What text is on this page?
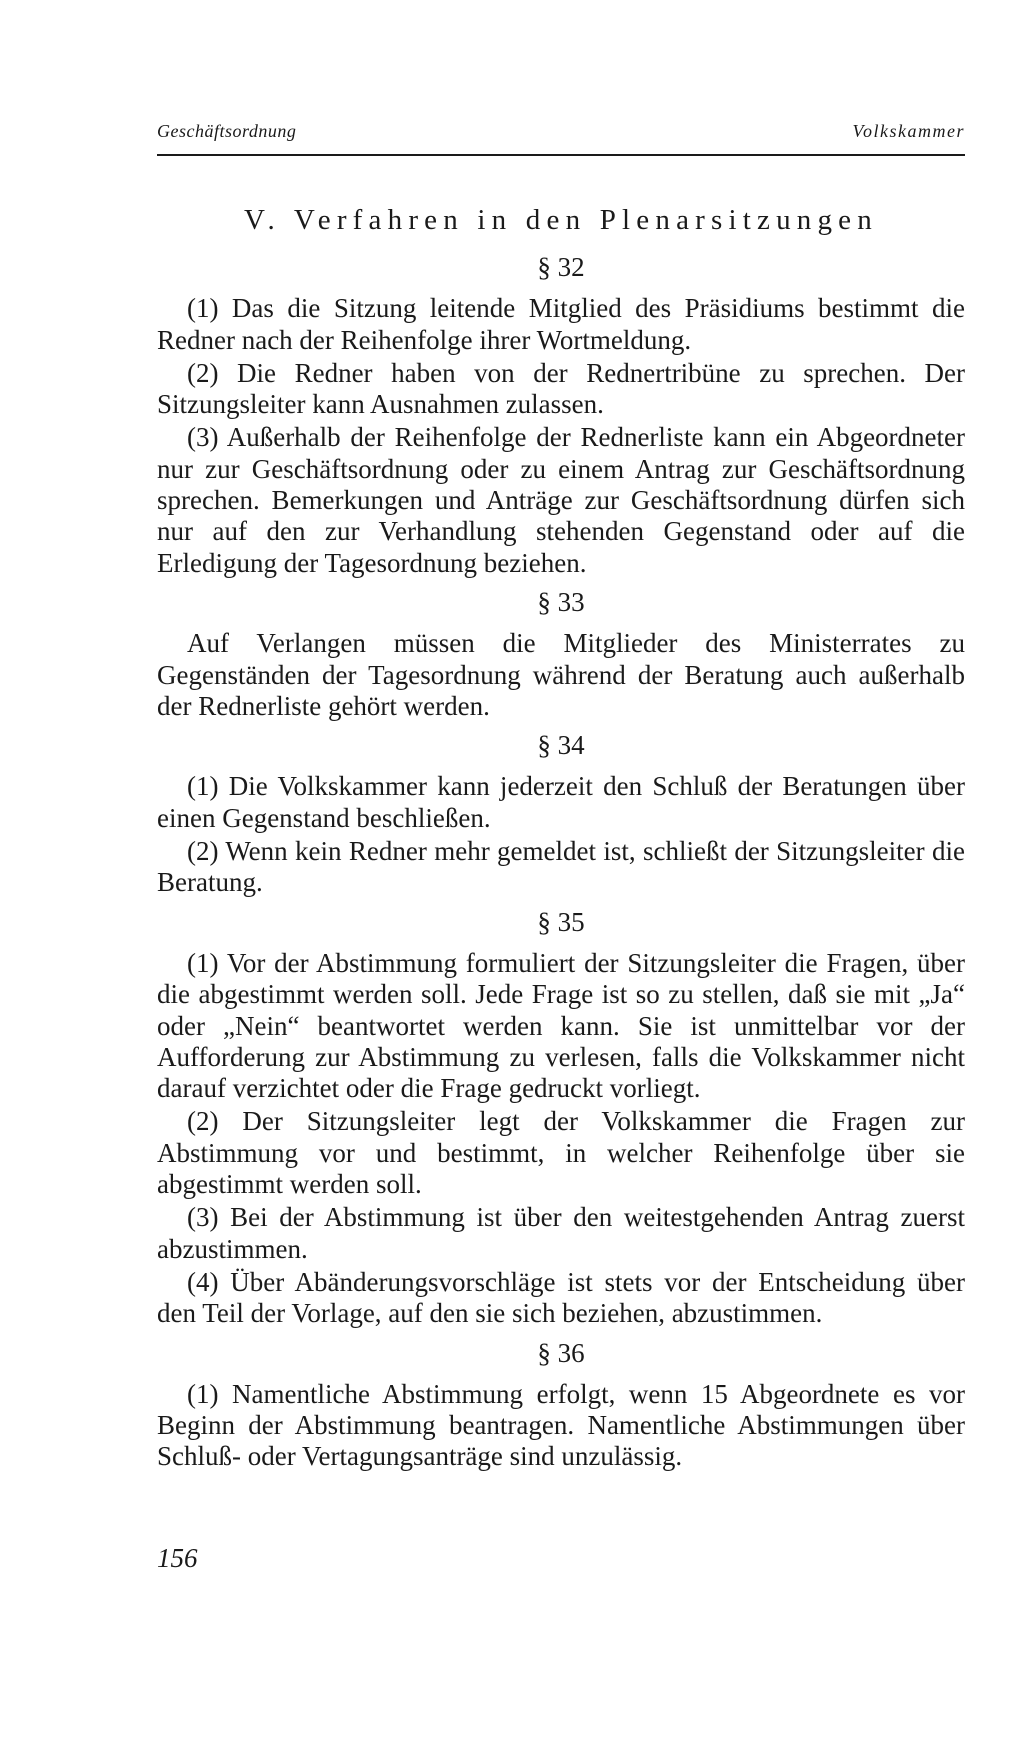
Geschäftsordnung	Volkskammer
V. Verfahren in den Plenarsitzungen
§ 32

(1) Das die Sitzung leitende Mitglied des Präsidiums bestimmt die Redner nach der Reihenfolge ihrer Wortmeldung.

(2) Die Redner haben von der Rednertribüne zu sprechen. Der Sitzungsleiter kann Ausnahmen zulassen.

(3) Außerhalb der Reihenfolge der Rednerliste kann ein Abgeordneter nur zur Geschäftsordnung oder zu einem Antrag zur Geschäftsordnung sprechen. Bemerkungen und Anträge zur Geschäftsordnung dürfen sich nur auf den zur Verhandlung stehenden Gegenstand oder auf die Erledigung der Tagesordnung beziehen.

§ 33

Auf Verlangen müssen die Mitglieder des Ministerrates zu Gegenständen der Tagesordnung während der Beratung auch außerhalb der Rednerliste gehört werden.

§ 34

(1) Die Volkskammer kann jederzeit den Schluß der Beratungen über einen Gegenstand beschließen.

(2) Wenn kein Redner mehr gemeldet ist, schließt der Sitzungsleiter die Beratung.

§ 35

(1) Vor der Abstimmung formuliert der Sitzungsleiter die Fragen, über die abgestimmt werden soll. Jede Frage ist so zu stellen, daß sie mit „Ja“ oder „Nein“ beantwortet werden kann. Sie ist unmittelbar vor der Aufforderung zur Abstimmung zu verlesen, falls die Volkskammer nicht darauf verzichtet oder die Frage gedruckt vorliegt.

(2) Der Sitzungsleiter legt der Volkskammer die Fragen zur Abstimmung vor und bestimmt, in welcher Reihenfolge über sie abgestimmt werden soll.

(3) Bei der Abstimmung ist über den weitestgehenden Antrag zuerst abzustimmen.

(4) Über Abänderungsvorschläge ist stets vor der Entscheidung über den Teil der Vorlage, auf den sie sich beziehen, abzustimmen.

§ 36

(1) Namentliche Abstimmung erfolgt, wenn 15 Abgeordnete es vor Beginn der Abstimmung beantragen. Namentliche Abstimmungen über Schluß- oder Vertagungsanträge sind unzulässig.

156
